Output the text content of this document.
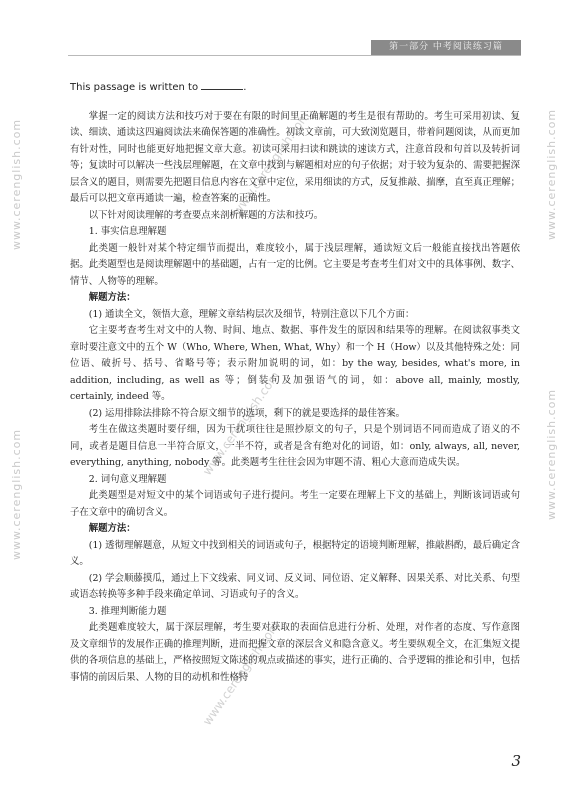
第一部分 中考阅读练习篇
www.cerenglish.com
www.cerenglish.com
www.cerenglish.com
www.cerenglish.com
www.cerenglish.com
www.cerenglish.com
www.cerenglish.com
This passage is written to	.

掌握一定的阅读方法和技巧对于要在有限的时间里正确解题的考生是很有帮助的。考生可采用初读、复读、细读、通读这四遍阅读法来确保答题的准确性。初读文章前，可大致浏览题目，带着问题阅读，从而更加有针对性，同时也能更好地把握文章大意。初读可采用扫读和跳读的速读方式，注意首段和句首以及转折词等；复读时可以解决一些浅层理解题，在文章中找到与解题相对应的句子依据；对于较为复杂的、需要把握深层含义的题目，则需要先把题目信息内容在文章中定位，采用细读的方式，反复推敲、揣摩，直至真正理解；最后可以把文章再通读一遍，检查答案的正确性。

以下针对阅读理解的考查要点来剖析解题的方法和技巧。

1. 事实信息理解题

此类题一般针对某个特定细节而提出，难度较小，属于浅层理解，通读短文后一般能直接找出答题依据。此类题型也是阅读理解题中的基础题，占有一定的比例。它主要是考查考生们对文中的具体事例、数字、情节、人物等的理解。

解题方法：

(1) 通读全文，领悟大意，理解文章结构层次及细节，特别注意以下几个方面：

它主要考查考生对文中的人物、时间、地点、数据、事件发生的原因和结果等的理解。在阅读叙事类文章时要注意文中的五个 W（Who, Where, When, What, Why）和一个 H（How）以及其他特殊之处：同位语、破折号、括号、省略号等；表示附加说明的词，如：by the way, besides, what's more, in addition, including, as well as 等；倒装句及加强语气的词，如：above all, mainly, mostly, certainly, indeed 等。

(2) 运用排除法排除不符合原文细节的选项，剩下的就是要选择的最佳答案。

考生在做这类题时要仔细，因为干扰项往往是照抄原文的句子，只是个别词语不同而造成了语义的不同，或者是题目信息一半符合原文，一半不符，或者是含有绝对化的词语，如：only, always, all, never, everything, anything, nobody 等。此类题考生往往会因为审题不清、粗心大意而造成失误。

2. 词句意义理解题

此类题型是对短文中的某个词语或句子进行提问。考生一定要在理解上下文的基础上，判断该词语或句子在文章中的确切含义。

解题方法：

(1) 透彻理解题意，从短文中找到相关的词语或句子，根据特定的语境判断理解，推敲斟酌，最后确定含义。

(2) 学会顺藤摸瓜，通过上下文线索、同义词、反义词、同位语、定义解释、因果关系、对比关系、句型或语态转换等多种手段来确定单词、习语或句子的含义。

3. 推理判断能力题

此类题难度较大，属于深层理解，考生要对获取的表面信息进行分析、处理，对作者的态度、写作意图及文章细节的发展作正确的推理判断，进而把握文章的深层含义和隐含意义。考生要纵观全文，在汇集短文提供的各项信息的基础上，严格按照短文陈述的观点或描述的事实，进行正确的、合乎逻辑的推论和引申，包括事情的前因后果、人物的目的动机和性格特

3
